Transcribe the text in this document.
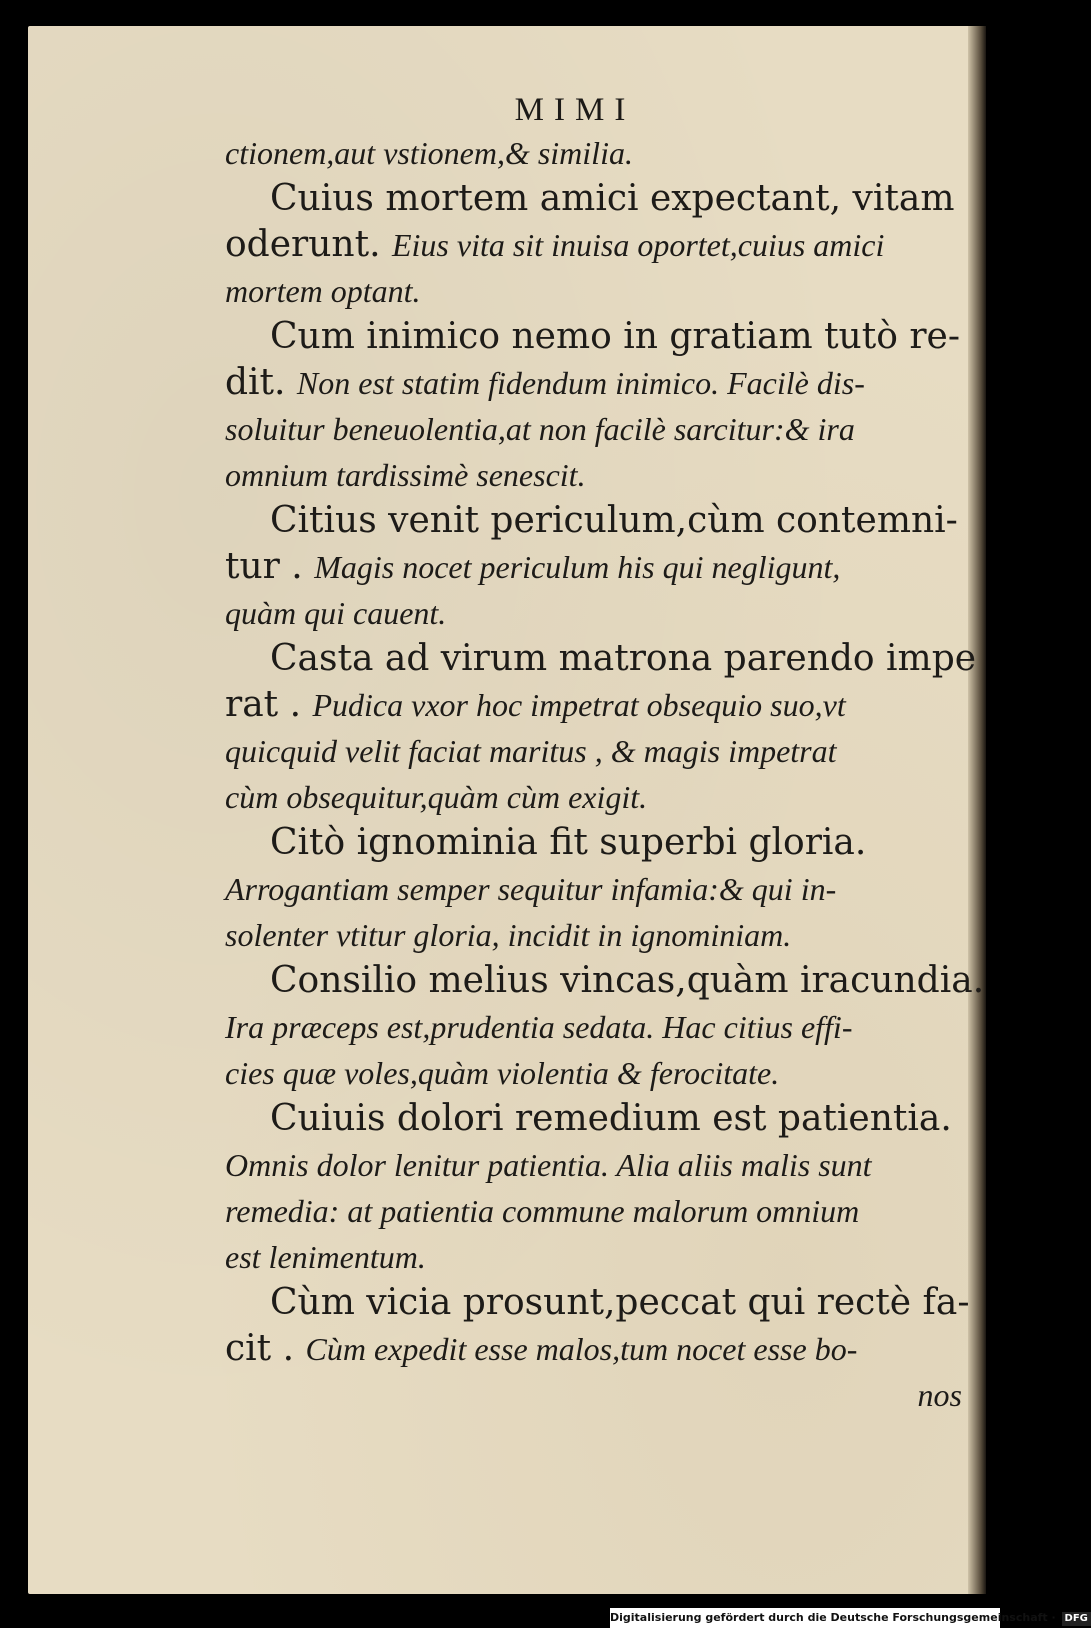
MIMI
ctionem,aut vstionem,& similia.
Cuius mortem amici expectant, vitam
oderunt. Eius vita sit inuisa oportet,cuius amici
mortem optant.
Cum inimico nemo in gratiam tutò re-
dit. Non est statim fidendum inimico. Facilè dis-
soluitur beneuolentia,at non facilè sarcitur:& ira
omnium tardissimè senescit.
Citius venit periculum,cùm contemni-
tur . Magis nocet periculum his qui negligunt,
quàm qui cauent.
Casta ad virum matrona parendo impe
rat . Pudica vxor hoc impetrat obsequio suo,vt
quicquid velit faciat maritus , & magis impetrat
cùm obsequitur,quàm cùm exigit.
Citò ignominia fit superbi gloria.
Arrogantiam semper sequitur infamia:& qui in-
solenter vtitur gloria, incidit in ignominiam.
Consilio melius vincas,quàm iracundia.
Ira præceps est,prudentia sedata. Hac citius effi-
cies quæ voles,quàm violentia & ferocitate.
Cuiuis dolori remedium est patientia.
Omnis dolor lenitur patientia. Alia aliis malis sunt
remedia: at patientia commune malorum omnium
est lenimentum.
Cùm vicia prosunt,peccat qui rectè fa-
cit . Cùm expedit esse malos,tum nocet esse bo-
nos
Digitalisierung gefördert durch die Deutsche Forschungsgemeinschaft · DFG
